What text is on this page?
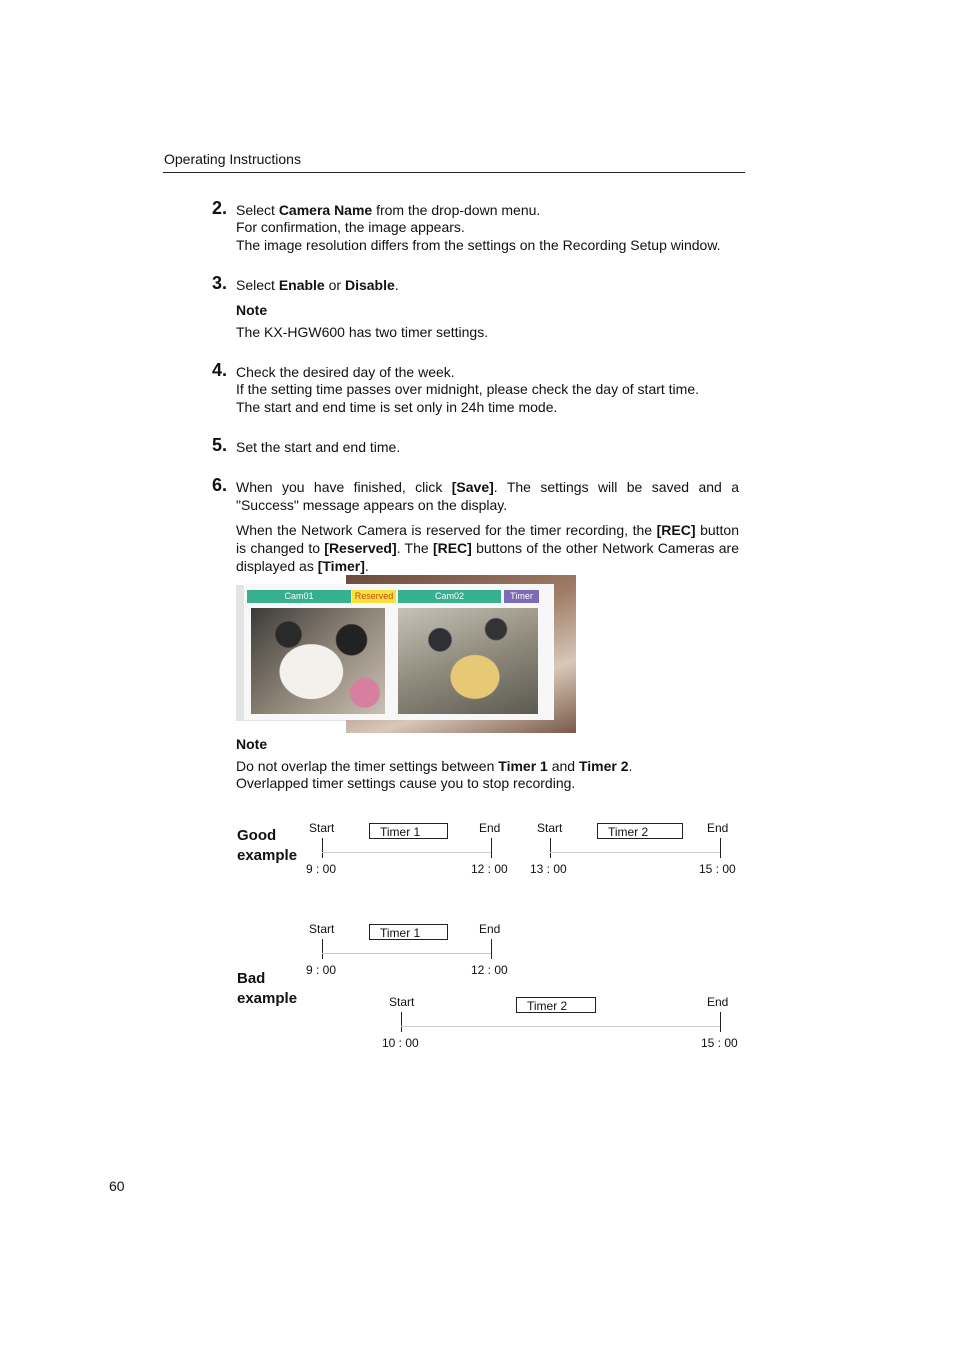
Operating Instructions
2. Select Camera Name from the drop-down menu.
For confirmation, the image appears.
The image resolution differs from the settings on the Recording Setup window.
3. Select Enable or Disable.
Note
The KX-HGW600 has two timer settings.
4. Check the desired day of the week.
If the setting time passes over midnight, please check the day of start time.
The start and end time is set only in 24h time mode.
5. Set the start and end time.
6. When you have finished, click [Save]. The settings will be saved and a "Success" message appears on the display.
When the Network Camera is reserved for the timer recording, the [REC] button is changed to [Reserved]. The [REC] buttons of the other Network Cameras are displayed as [Timer].
Cam01	Reserved	Cam02	Timer
Note
Do not overlap the timer settings between Timer 1 and Timer 2.
Overlapped timer settings cause you to stop recording.
Good
example
Start	Timer 1	End
9 : 00	12 : 00
Start	Timer 2	End
13 : 00	15 : 00
Bad
example
Start	Timer 1	End
9 : 00	12 : 00
Start	Timer 2	End
10 : 00	15 : 00
60
